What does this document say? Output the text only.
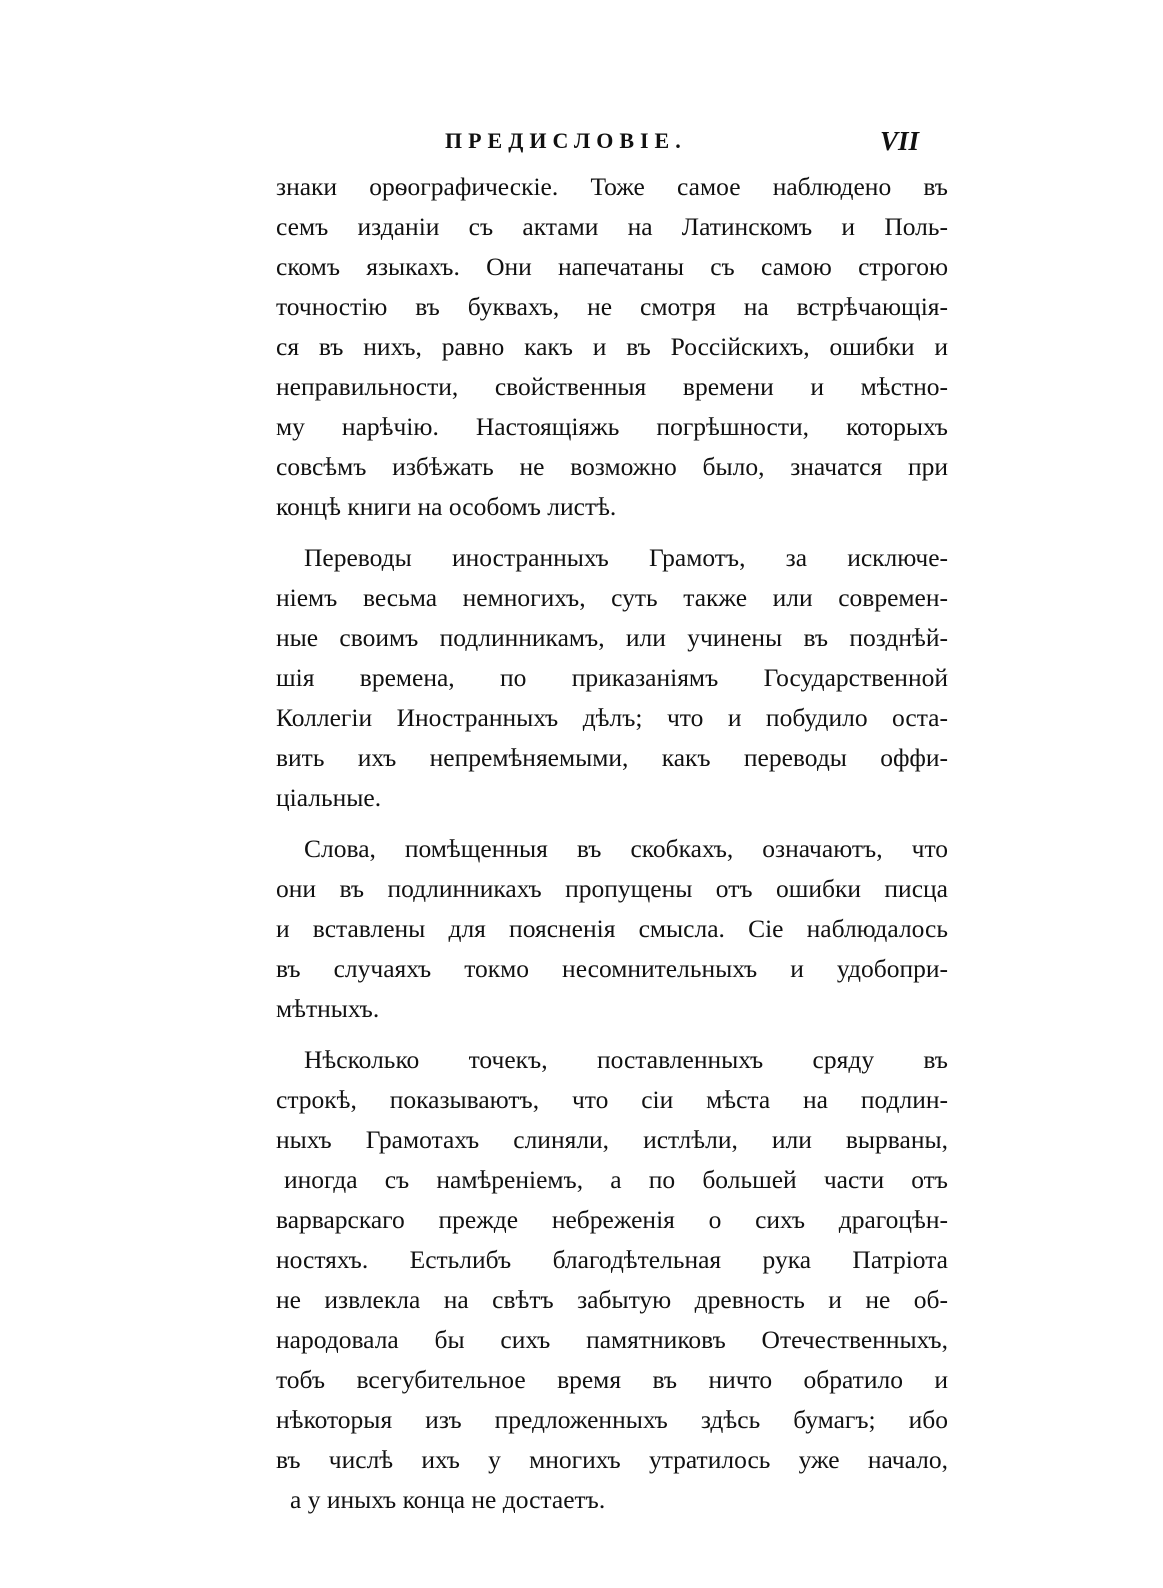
ПРЕДИСЛОВІЕ.	VII
знаки орѳографическіе. Тоже самое наблюдено въ
семъ изданіи съ актами на Латинскомъ и Поль-
скомъ языкахъ. Они напечатаны съ самою строгою
точностію въ буквахъ, не смотря на встрѣчающія-
ся въ нихъ, равно какъ и въ Россійскихъ, ошибки и
неправильности, свойственныя времени и мѣстно-
му нарѣчію. Настоящіяжь погрѣшности, которыхъ
совсѣмъ избѣжать не возможно было, значатся при
концѣ книги на особомъ листѣ.
Переводы иностранныхъ Грамотъ, за исключе-
ніемъ весьма немногихъ, суть также или современ-
ные своимъ подлинникамъ, или учинены въ позднѣй-
шія времена, по приказаніямъ Государственной
Коллегіи Иностранныхъ дѣлъ; что и побудило оста-
вить ихъ непремѣняемыми, какъ переводы оффи-
ціальные.
Слова, помѣщенныя въ скобкахъ, означаютъ, что
они въ подлинникахъ пропущены отъ ошибки писца
и вставлены для поясненія смысла. Сіе наблюдалось
въ случаяхъ токмо несомнительныхъ и удобопри-
мѣтныхъ.
Нѣсколько точекъ, поставленныхъ сряду въ
строкѣ, показываютъ, что сіи мѣста на подлин-
ныхъ Грамотахъ слиняли, истлѣли, или вырваны,
иногда съ намѣреніемъ, а по большей части отъ
варварскаго прежде небреженія о сихъ драгоцѣн-
ностяхъ. Естьлибъ благодѣтельная рука Патріота
не извлекла на свѣтъ забытую древность и не об-
народовала бы сихъ памятниковъ Отечественныхъ,
тобъ всегубительное время въ ничто обратило и
нѣкоторыя изъ предложенныхъ здѣсь бумагъ; ибо
въ числѣ ихъ у многихъ утратилось уже начало,
а у иныхъ конца не достаетъ.
